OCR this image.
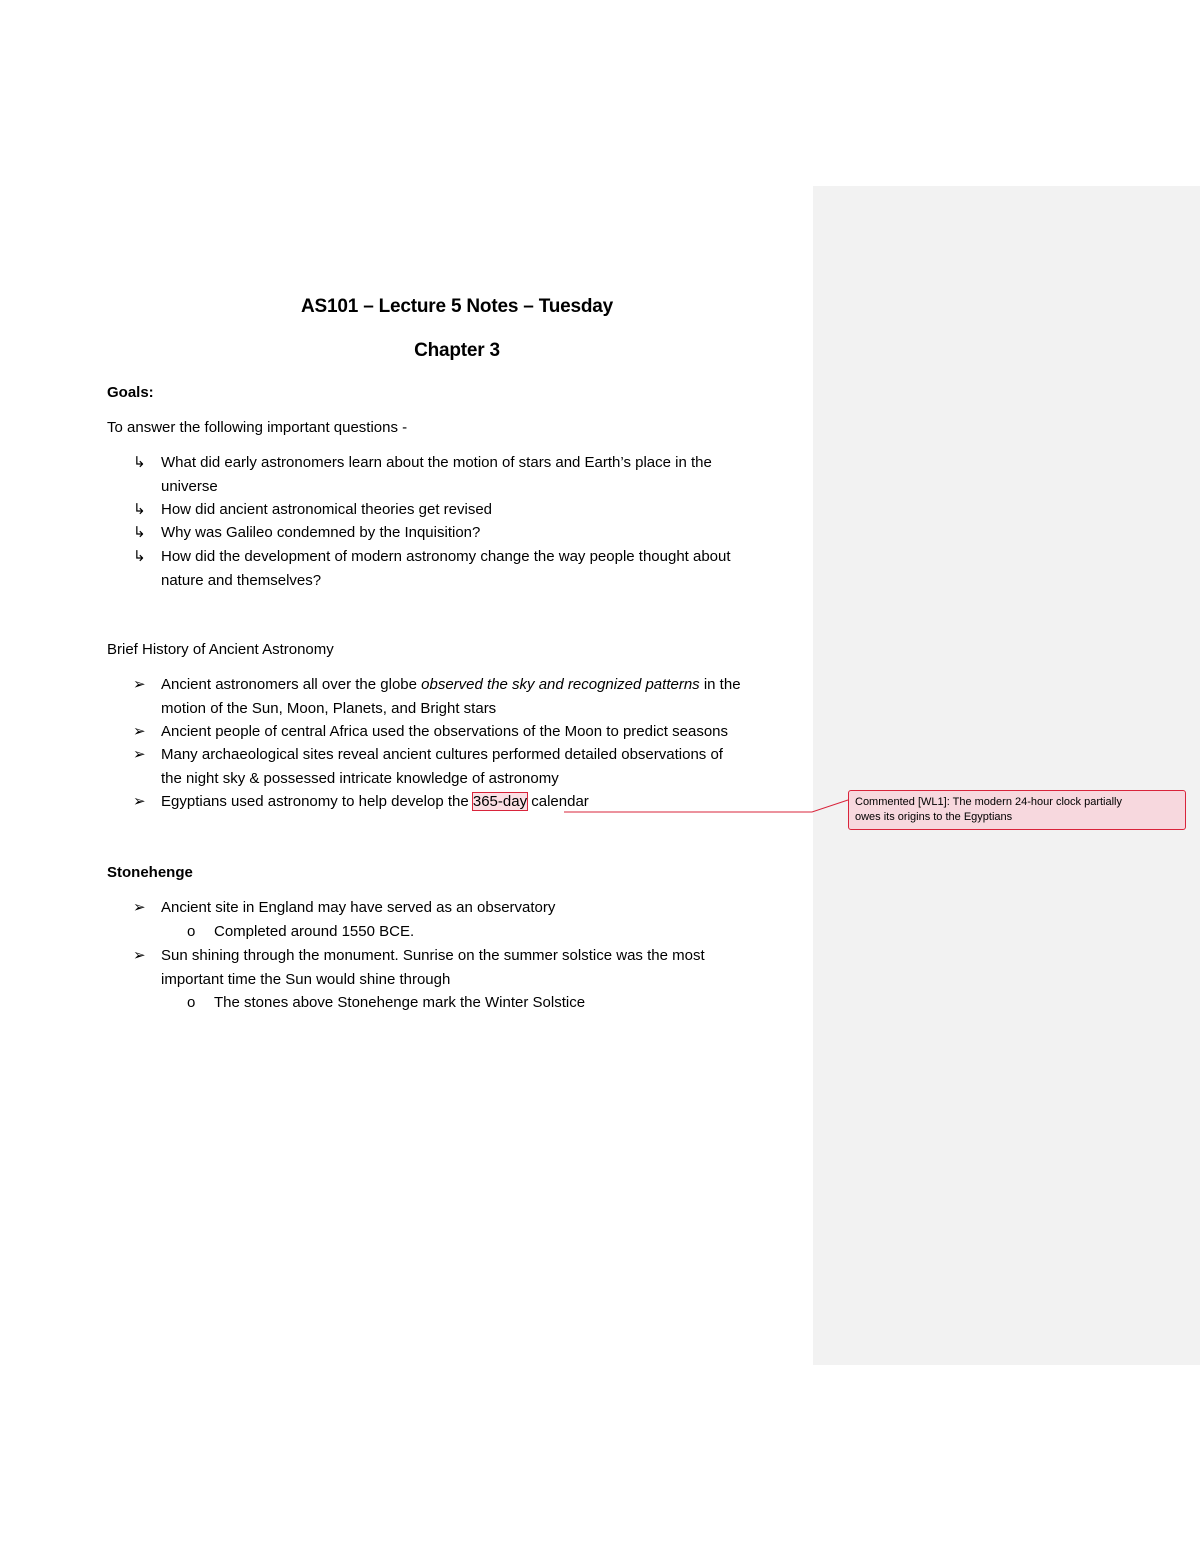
AS101 – Lecture 5 Notes – Tuesday
Chapter 3
Goals:
To answer the following important questions -
↳	What did early astronomers learn about the motion of stars and Earth’s place in the
universe
↳	How did ancient astronomical theories get revised
↳	Why was Galileo condemned by the Inquisition?
↳	How did the development of modern astronomy change the way people thought about
nature and themselves?
Brief History of Ancient Astronomy
➢	Ancient astronomers all over the globe observed the sky and recognized patterns in the
motion of the Sun, Moon, Planets, and Bright stars
➢	Ancient people of central Africa used the observations of the Moon to predict seasons
➢	Many archaeological sites reveal ancient cultures performed detailed observations of
the night sky & possessed intricate knowledge of astronomy
➢	Egyptians used astronomy to help develop the 365-day calendar
Stonehenge
➢	Ancient site in England may have served as an observatory
o	Completed around 1550 BCE.
➢	Sun shining through the monument. Sunrise on the summer solstice was the most
important time the Sun would shine through
o	The stones above Stonehenge mark the Winter Solstice
Commented [WL1]: The modern 24-hour clock partially
owes its origins to the Egyptians
